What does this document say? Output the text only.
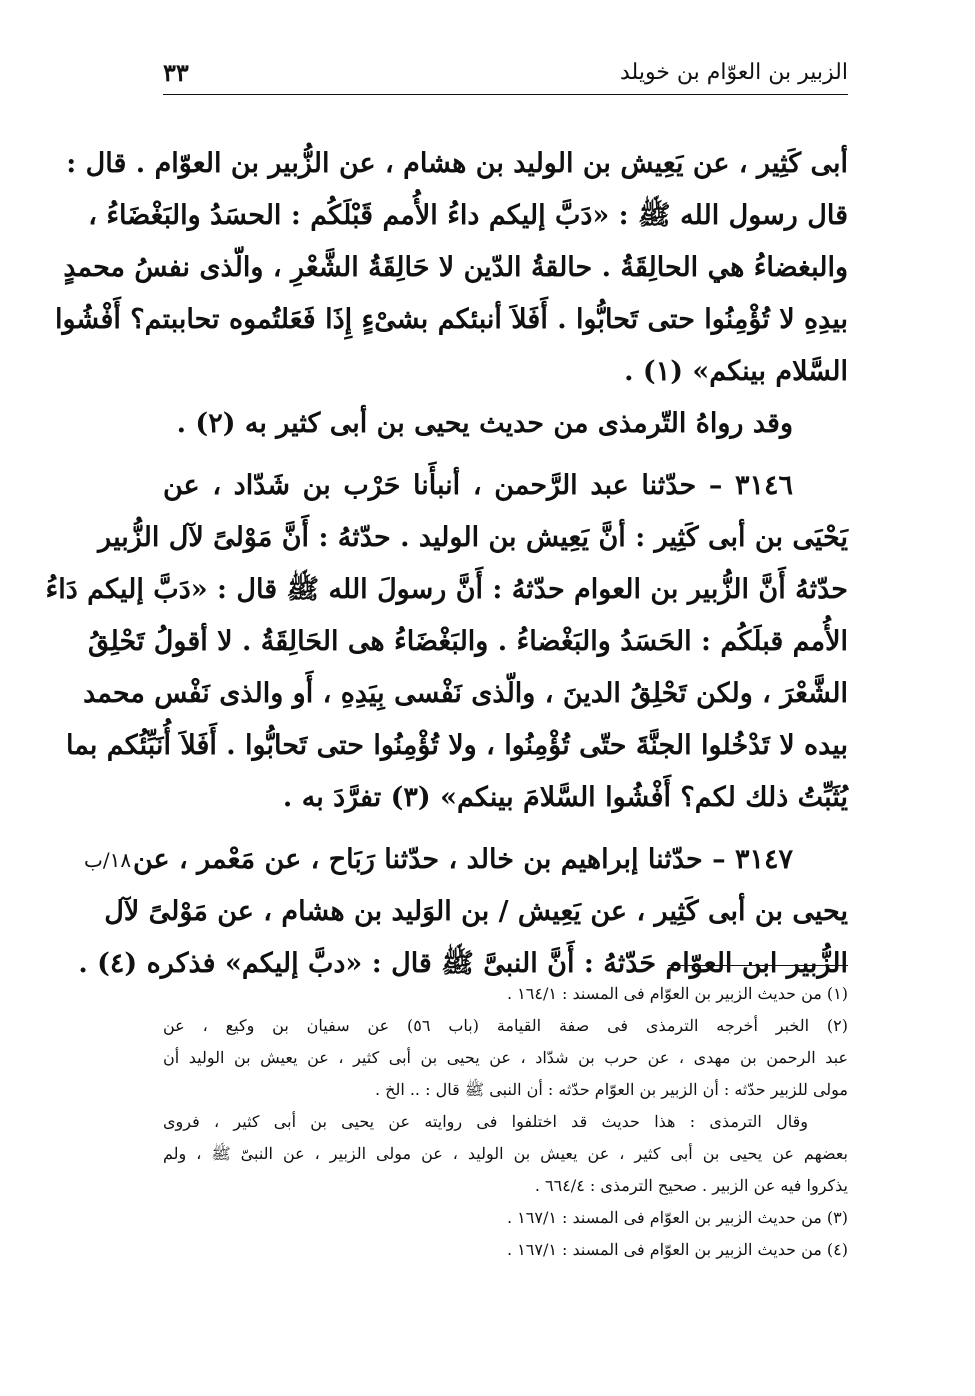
الزبير بن العوّام بن خويلد
٣٣
أبى كَثِير ، عن يَعِيش بن الوليد بن هشام ، عن الزُّبير بن العوّام . قال :
قال رسول الله ﷺ : «دَبَّ إليكم داءُ الأُمم قَبْلَكُم : الحسَدُ والبَغْضَاءُ ،
والبغضاءُ هي الحالِقَةُ . حالقةُ الدّين لا حَالِقَةُ الشَّعْرِ ، والّذى نفسُ محمدٍ
بيدِهِ لا تُؤْمِنُوا حتى تَحابُّوا . أَفَلاَ أنبئكم بشىْءٍ إِذَا فَعَلتُموه تحاببتم؟ أَفْشُوا
السَّلام بينكم» (١) .
وقد رواهُ التّرمذى من حديث يحيى بن أبى كثير به (٢) .
٣١٤٦ – حدّثنا عبد الرَّحمن ، أنبأَنا حَرْب بن شَدّاد ، عن
يَحْيَى بن أبى كَثِير : أنَّ يَعِيش بن الوليد . حدّثهُ : أَنَّ مَوْلىً لآل الزُّبير
حدّثهُ أَنَّ الزُّبير بن العوام حدّثهُ : أَنَّ رسولَ الله ﷺ قال : «دَبَّ إليكم دَاءُ
الأُمم قبلَكُم : الحَسَدُ والبَغْضاءُ . والبَغْضَاءُ هى الحَالِقَةُ . لا أقولُ تَحْلِقُ
الشَّعْرَ ، ولكن تَحْلِقُ الدينَ ، والّذى نَفْسى بِيَدِهِ ، أَو والذى نَفْس محمد
بيده لا تَدْخُلوا الجنَّةَ حتّى تُؤْمِنُوا ، ولا تُؤْمِنُوا حتى تَحابُّوا . أَفَلاَ أُنَبِّئُكم بما
يُثَبِّتُ ذلك لكم؟ أَفْشُوا السَّلامَ بينكم» (٣) تفرَّدَ به .
٣١٤٧ – حدّثنا إبراهيم بن خالد ، حدّثنا رَبَاح ، عن مَعْمر ، عن
يحيى بن أبى كَثِير ، عن يَعِيش / بن الوَليد بن هشام ، عن مَوْلىً لآل
الزُّبير ابن العوّام حَدّثهُ : أَنَّ النبىَّ ﷺ قال : «دبَّ إليكم» فذكره (٤) .
١٨/ب
(١) من حديث الزبير بن العوّام فى المسند : ١٦٤/١ .
(٢) الخبر أخرجه الترمذى فى صفة القيامة (باب ٥٦) عن سفيان بن وكيع ، عن
عبد الرحمن بن مهدى ، عن حرب بن شدّاد ، عن يحيى بن أبى كثير ، عن يعيش بن الوليد أن
مولى للزبير حدّثه : أن الزبير بن العوّام حدّثه : أن النبى ﷺ قال : .. الخ .
وقال الترمذى : هذا حديث قد اختلفوا فى روايته عن يحيى بن أبى كثير ، فروى
بعضهم عن يحيى بن أبى كثير ، عن يعيش بن الوليد ، عن مولى الزبير ، عن النبىّ ﷺ ، ولم
يذكروا فيه عن الزبير . صحيح الترمذى : ٦٦٤/٤ .
(٣) من حديث الزبير بن العوّام فى المسند : ١٦٧/١ .
(٤) من حديث الزبير بن العوّام فى المسند : ١٦٧/١ .
